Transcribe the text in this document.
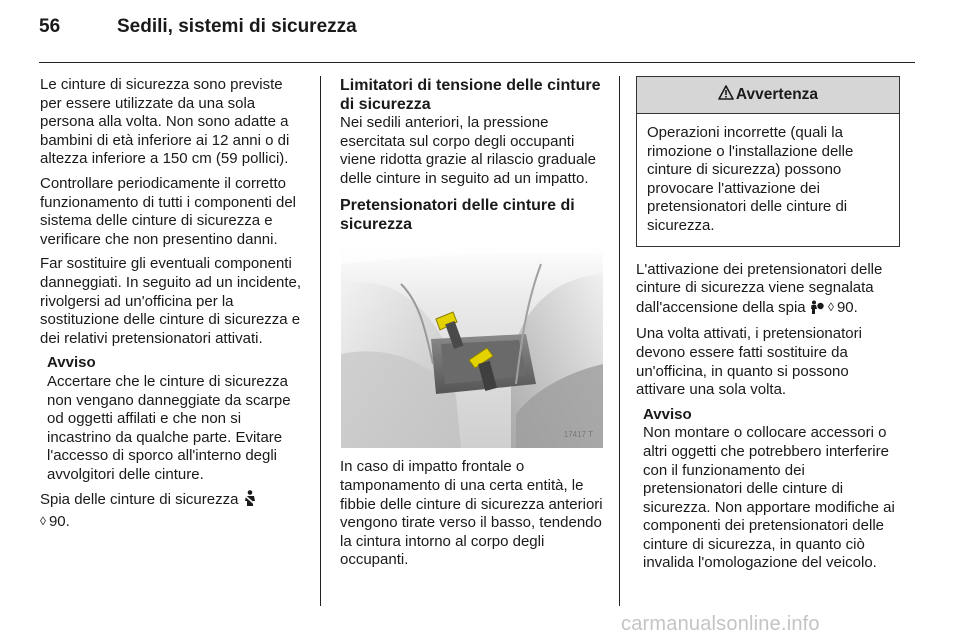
56	Sedili, sistemi di sicurezza

Le cinture di sicurezza sono previste per essere utilizzate da una sola persona alla volta. Non sono adatte a bambini di età inferiore ai 12 anni o di altezza inferiore a 150 cm (59 pollici).

Controllare periodicamente il corretto funzionamento di tutti i componenti del sistema delle cinture di sicurezza e verificare che non presentino danni.

Far sostituire gli eventuali componenti danneggiati. In seguito ad un incidente, rivolgersi ad un'officina per la sostituzione delle cinture di sicurezza e dei relativi pretensionatori attivati.

Avviso
Accertare che le cinture di sicurezza non vengano danneggiate da scarpe od oggetti affilati e che non si incastrino da qualche parte. Evitare l'accesso di sporco all'interno degli avvolgitori delle cinture.

Spia delle cinture di sicurezza
◊ 90.

Limitatori di tensione delle cinture di sicurezza

Nei sedili anteriori, la pressione esercitata sul corpo degli occupanti viene ridotta grazie al rilascio graduale delle cinture in seguito ad un impatto.

Pretensionatori delle cinture di sicurezza
17417 T

In caso di impatto frontale o tamponamento di una certa entità, le fibbie delle cinture di sicurezza anteriori vengono tirate verso il basso, tendendo la cintura intorno al corpo degli occupanti.

Avvertenza
Operazioni incorrette (quali la rimozione o l'installazione delle cinture di sicurezza) possono provocare l'attivazione dei pretensionatori delle cinture di sicurezza.

L'attivazione dei pretensionatori delle cinture di sicurezza viene segnalata dall'accensione della spia ◊ 90.

Una volta attivati, i pretensionatori devono essere fatti sostituire da un'officina, in quanto si possono attivare una sola volta.

Avviso
Non montare o collocare accessori o altri oggetti che potrebbero interferire con il funzionamento dei pretensionatori delle cinture di sicurezza. Non apportare modifiche ai componenti dei pretensionatori delle cinture di sicurezza, in quanto ciò invalida l'omologazione del veicolo.
carmanualsonline.info
